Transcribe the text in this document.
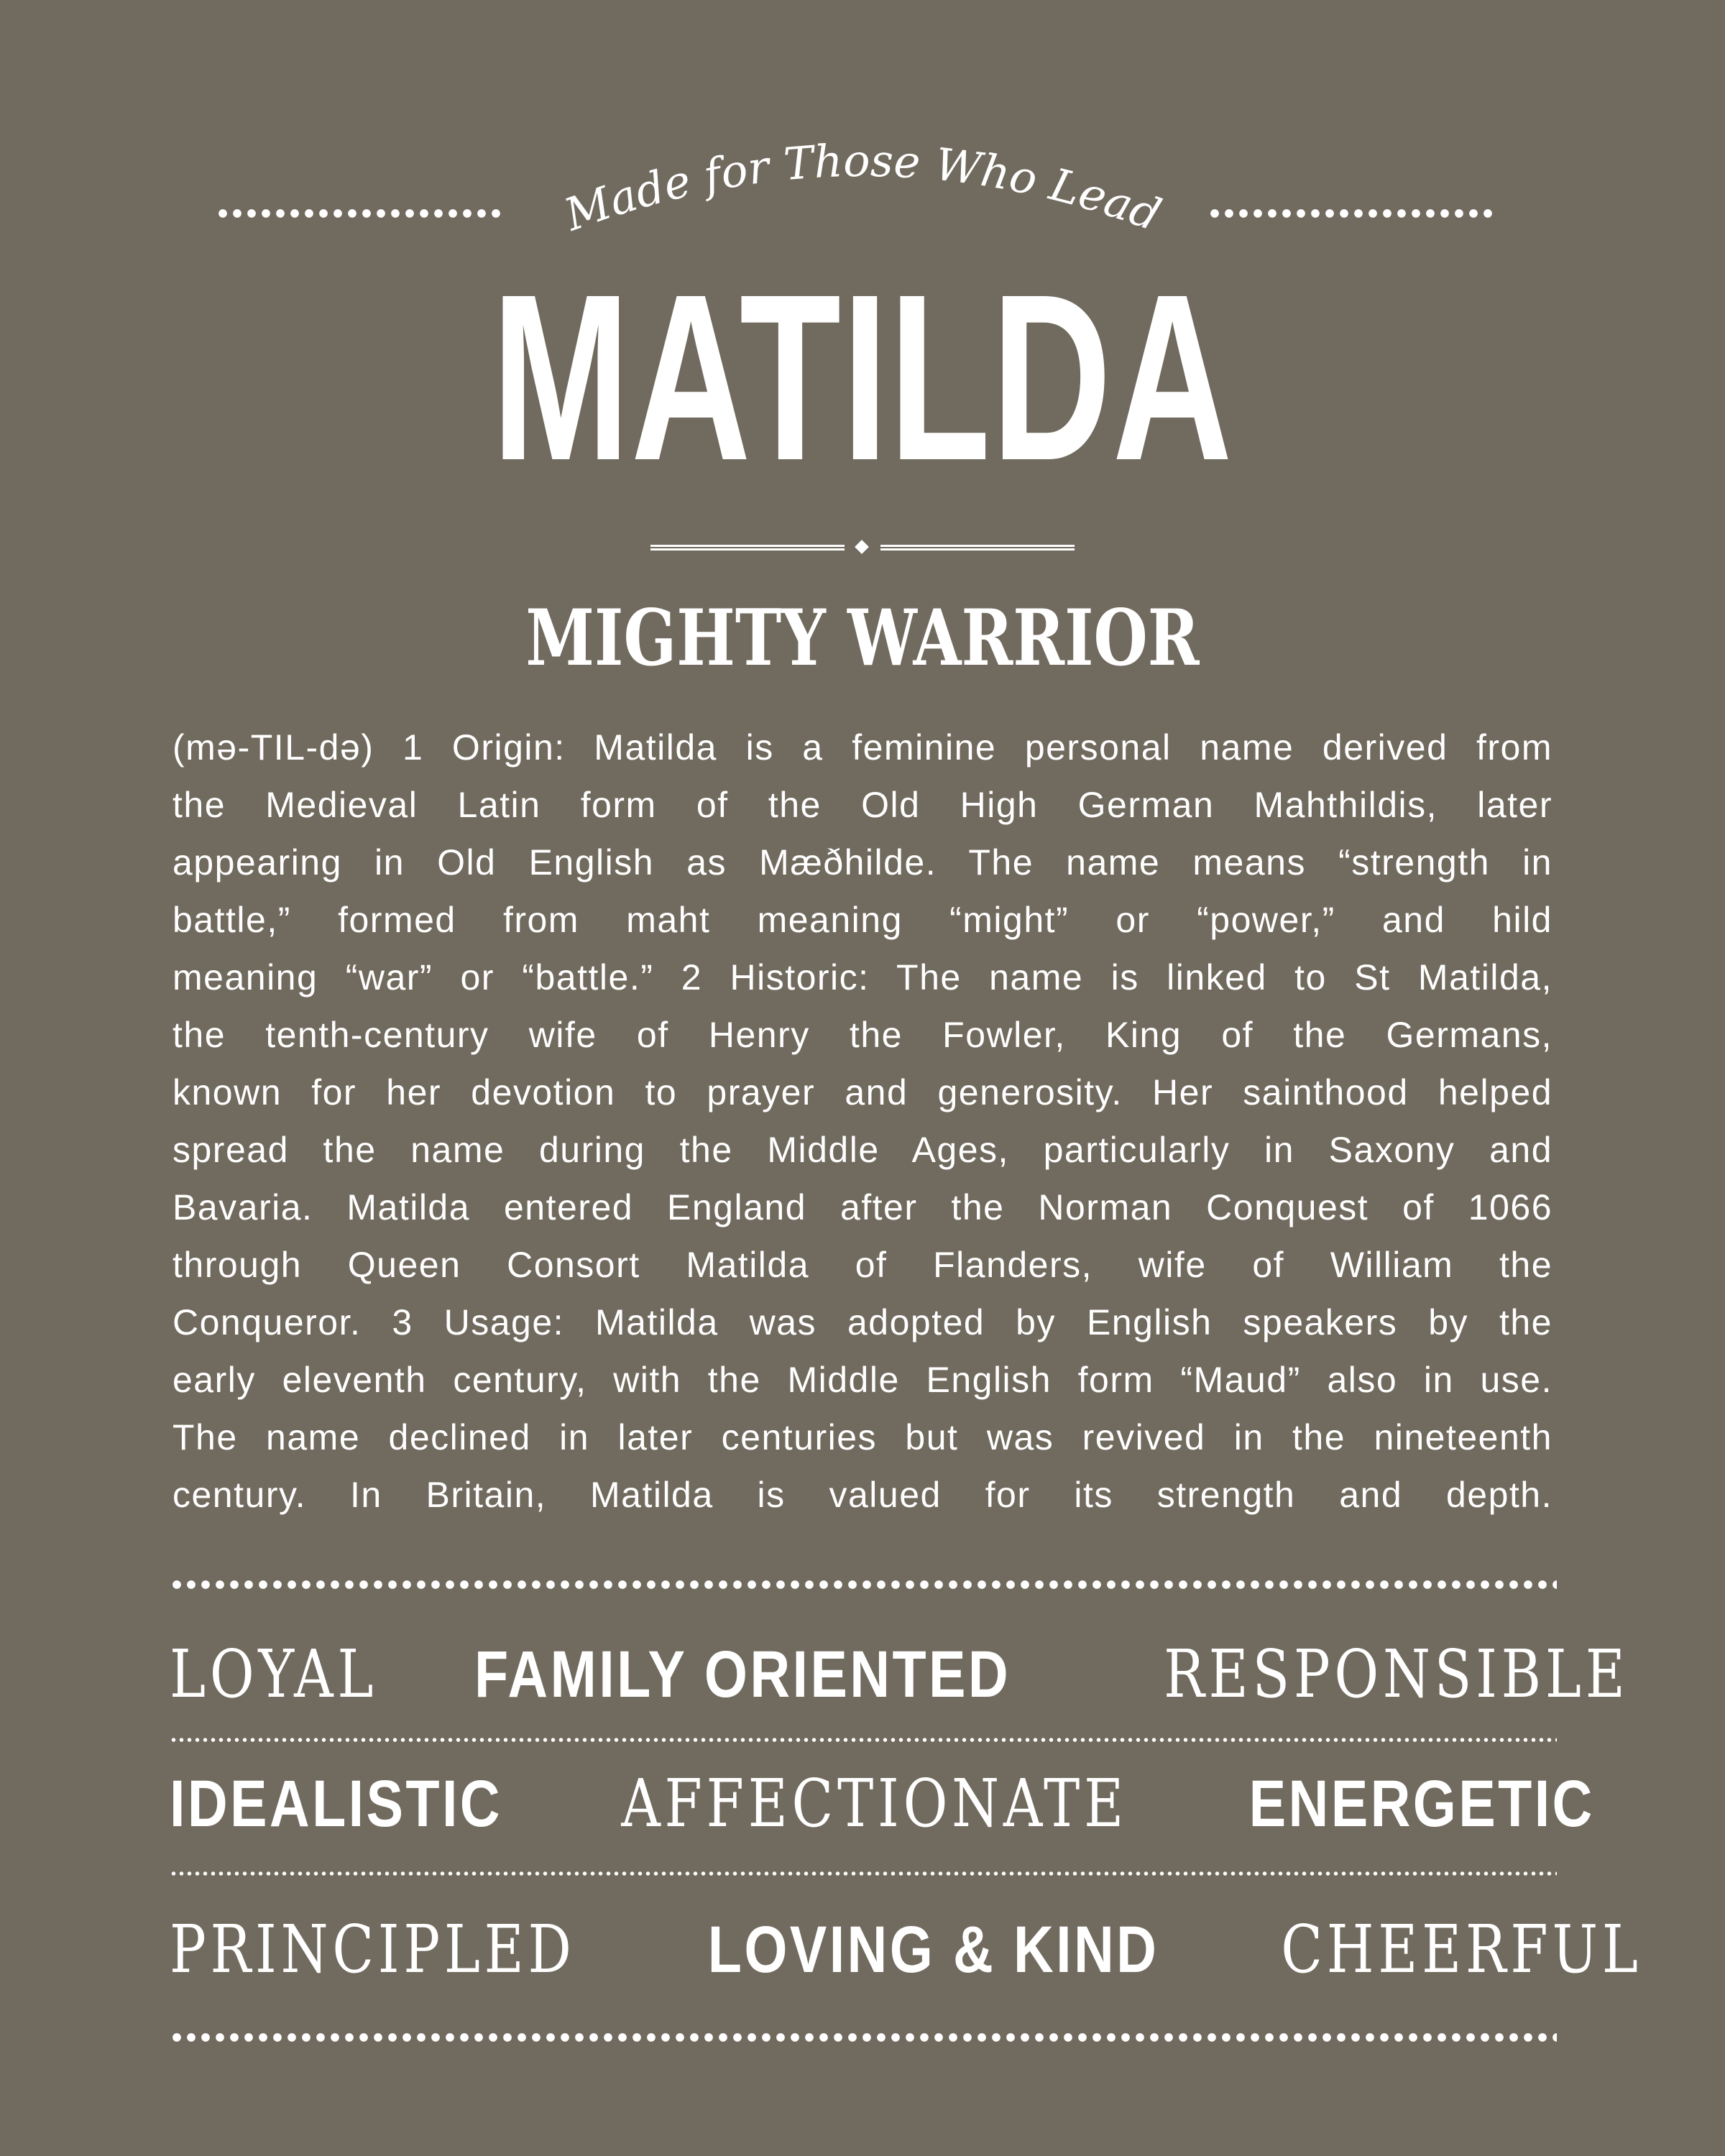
Made for Those Who Lead
MATILDA
MIGHTY WARRIOR
(mə-TIL-də) 1 Origin: Matilda is a feminine personal name derived from
the Medieval Latin form of the Old High German Mahthildis, later
appearing in Old English as Mæðhilde. The name means “strength in
battle,” formed from maht meaning “might” or “power,” and hild
meaning “war” or “battle.” 2 Historic: The name is linked to St Matilda,
the tenth-century wife of Henry the Fowler, King of the Germans,
known for her devotion to prayer and generosity. Her sainthood helped
spread the name during the Middle Ages, particularly in Saxony and
Bavaria. Matilda entered England after the Norman Conquest of 1066
through Queen Consort Matilda of Flanders, wife of William the
Conqueror. 3 Usage: Matilda was adopted by English speakers by the
early eleventh century, with the Middle English form “Maud” also in use.
The name declined in later centuries but was revived in the nineteenth
century. In Britain, Matilda is valued for its strength and depth.
LOYAL FAMILY ORIENTED RESPONSIBLE
IDEALISTIC AFFECTIONATE ENERGETIC
PRINCIPLED LOVING & KIND CHEERFUL
